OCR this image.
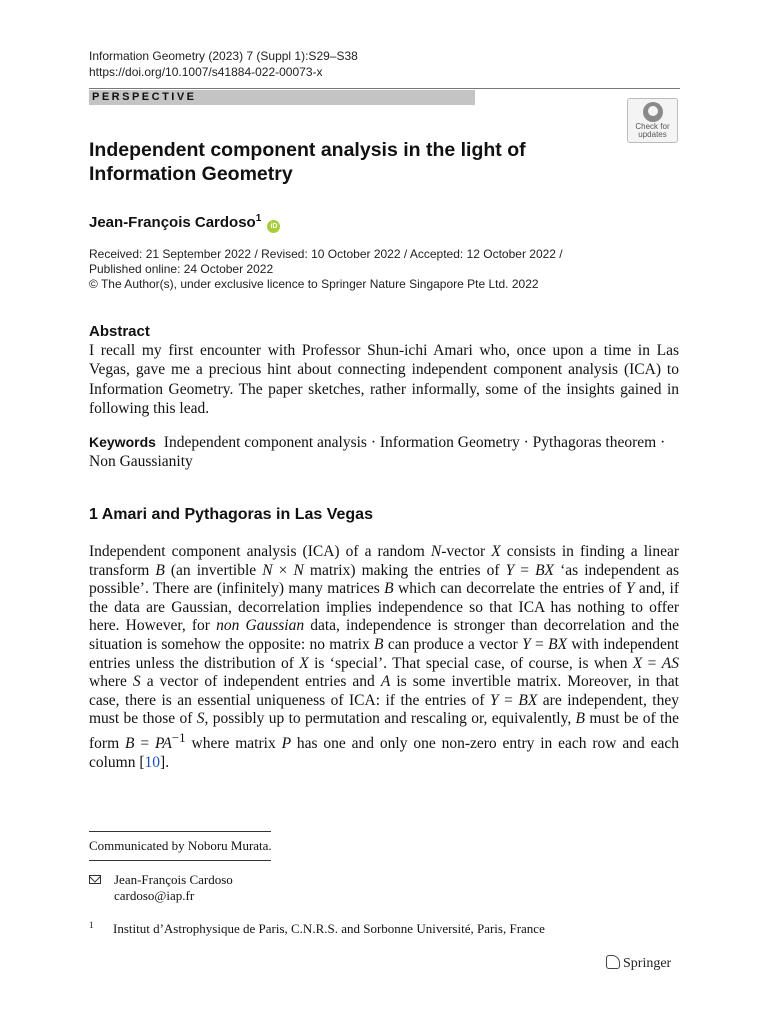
Information Geometry (2023) 7 (Suppl 1):S29–S38
https://doi.org/10.1007/s41884-022-00073-x
PERSPECTIVE
Check for
updates
Independent component analysis in the light of Information Geometry
Jean-François Cardoso$^1$ iD
Received: 21 September 2022 / Revised: 10 October 2022 / Accepted: 12 October 2022 /
Published online: 24 October 2022
© The Author(s), under exclusive licence to Springer Nature Singapore Pte Ltd. 2022
Abstract
I recall my first encounter with Professor Shun-ichi Amari who, once upon a time in Las Vegas, gave me a precious hint about connecting independent component analysis (ICA) to Information Geometry. The paper sketches, rather informally, some of the insights gained in following this lead.
Keywords Independent component analysis · Information Geometry · Pythagoras theorem · Non Gaussianity
1 Amari and Pythagoras in Las Vegas
Independent component analysis (ICA) of a random N-vector X consists in finding a linear transform B (an invertible N × N matrix) making the entries of Y = BX ‘as independent as possible’. There are (infinitely) many matrices B which can decorrelate the entries of Y and, if the data are Gaussian, decorrelation implies independence so that ICA has nothing to offer here. However, for non Gaussian data, independence is stronger than decorrelation and the situation is somehow the opposite: no matrix B can produce a vector Y = BX with independent entries unless the distribution of X is ‘special’. That special case, of course, is when X = AS where S a vector of independent entries and A is some invertible matrix. Moreover, in that case, there is an essential uniqueness of ICA: if the entries of Y = BX are independent, they must be those of S, possibly up to permutation and rescaling or, equivalently, B must be of the form $B = PA^{-1}$ where matrix P has one and only one non-zero entry in each row and each column [10].
Communicated by Noboru Murata.
Jean-François Cardoso
cardoso@iap.fr
1 Institut d’Astrophysique de Paris, C.N.R.S. and Sorbonne Université, Paris, France
Springer
